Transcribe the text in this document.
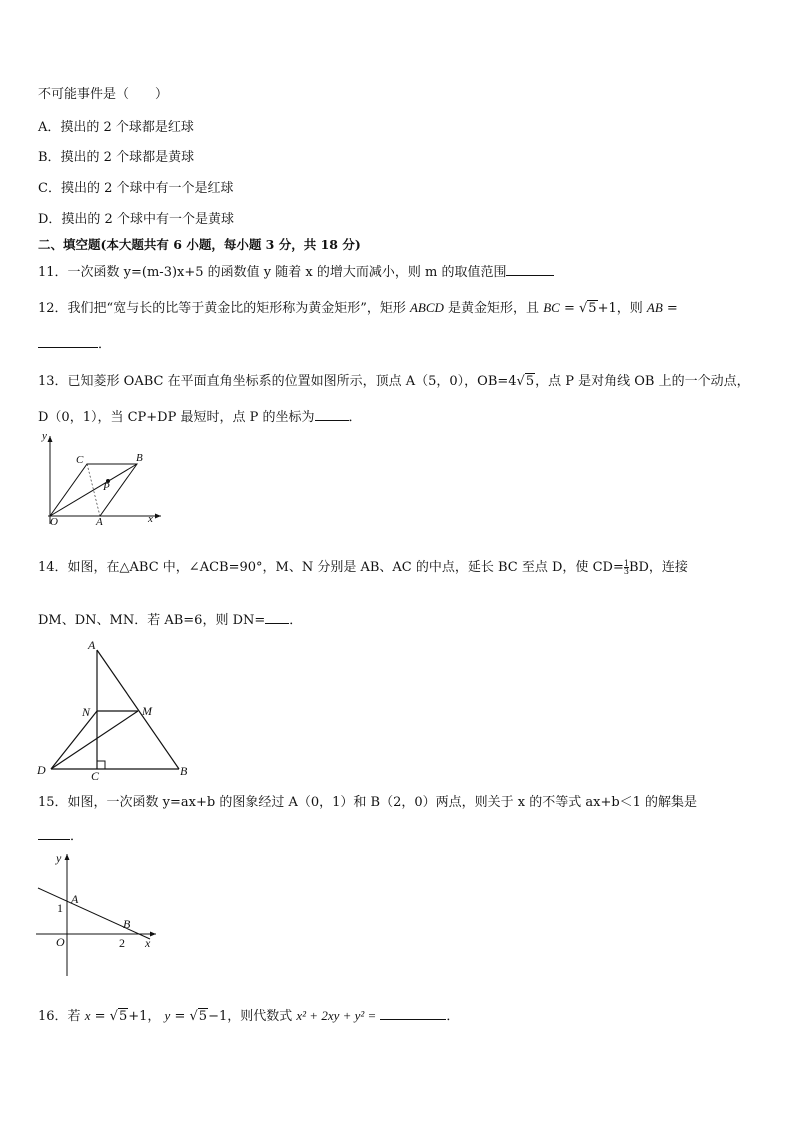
不可能事件是（　　）
A．摸出的 2 个球都是红球
B．摸出的 2 个球都是黄球
C．摸出的 2 个球中有一个是红球
D．摸出的 2 个球中有一个是黄球
二、填空题(本大题共有 6 小题，每小题 3 分，共 18 分)
11．一次函数 y=(m-3)x+5 的函数值 y 随着 x 的增大而减小，则 m 的取值范围
12．我们把“宽与长的比等于黄金比的矩形称为黄金矩形”，矩形 ABCD 是黄金矩形，且 BC = √5+1，则 AB =
．
13．已知菱形 OABC 在平面直角坐标系的位置如图所示，顶点 A（5，0），OB=4√5，点 P 是对角线 OB 上的一个动点，
D（0，1），当 CP+DP 最短时，点 P 的坐标为	．
y
x
O	A
B
C
P
14．如图，在△ABC 中，∠ACB=90°，M、N 分别是 AB、AC 的中点，延长 BC 至点 D，使 $CD= \frac{1}{3}$ BD，连接
DM、DN、MN．若 AB=6，则 DN= ．
A
N	M
D	C	B
15．如图，一次函数 y=ax+b 的图象经过 A（0，1）和 B（2，0）两点，则关于 x 的不等式 ax+b＜1 的解集是
．
y
x
O
A
B
1
2
16．若 x = √5+1， y = √5−1，则代数式 x² + 2xy + y² =	．
